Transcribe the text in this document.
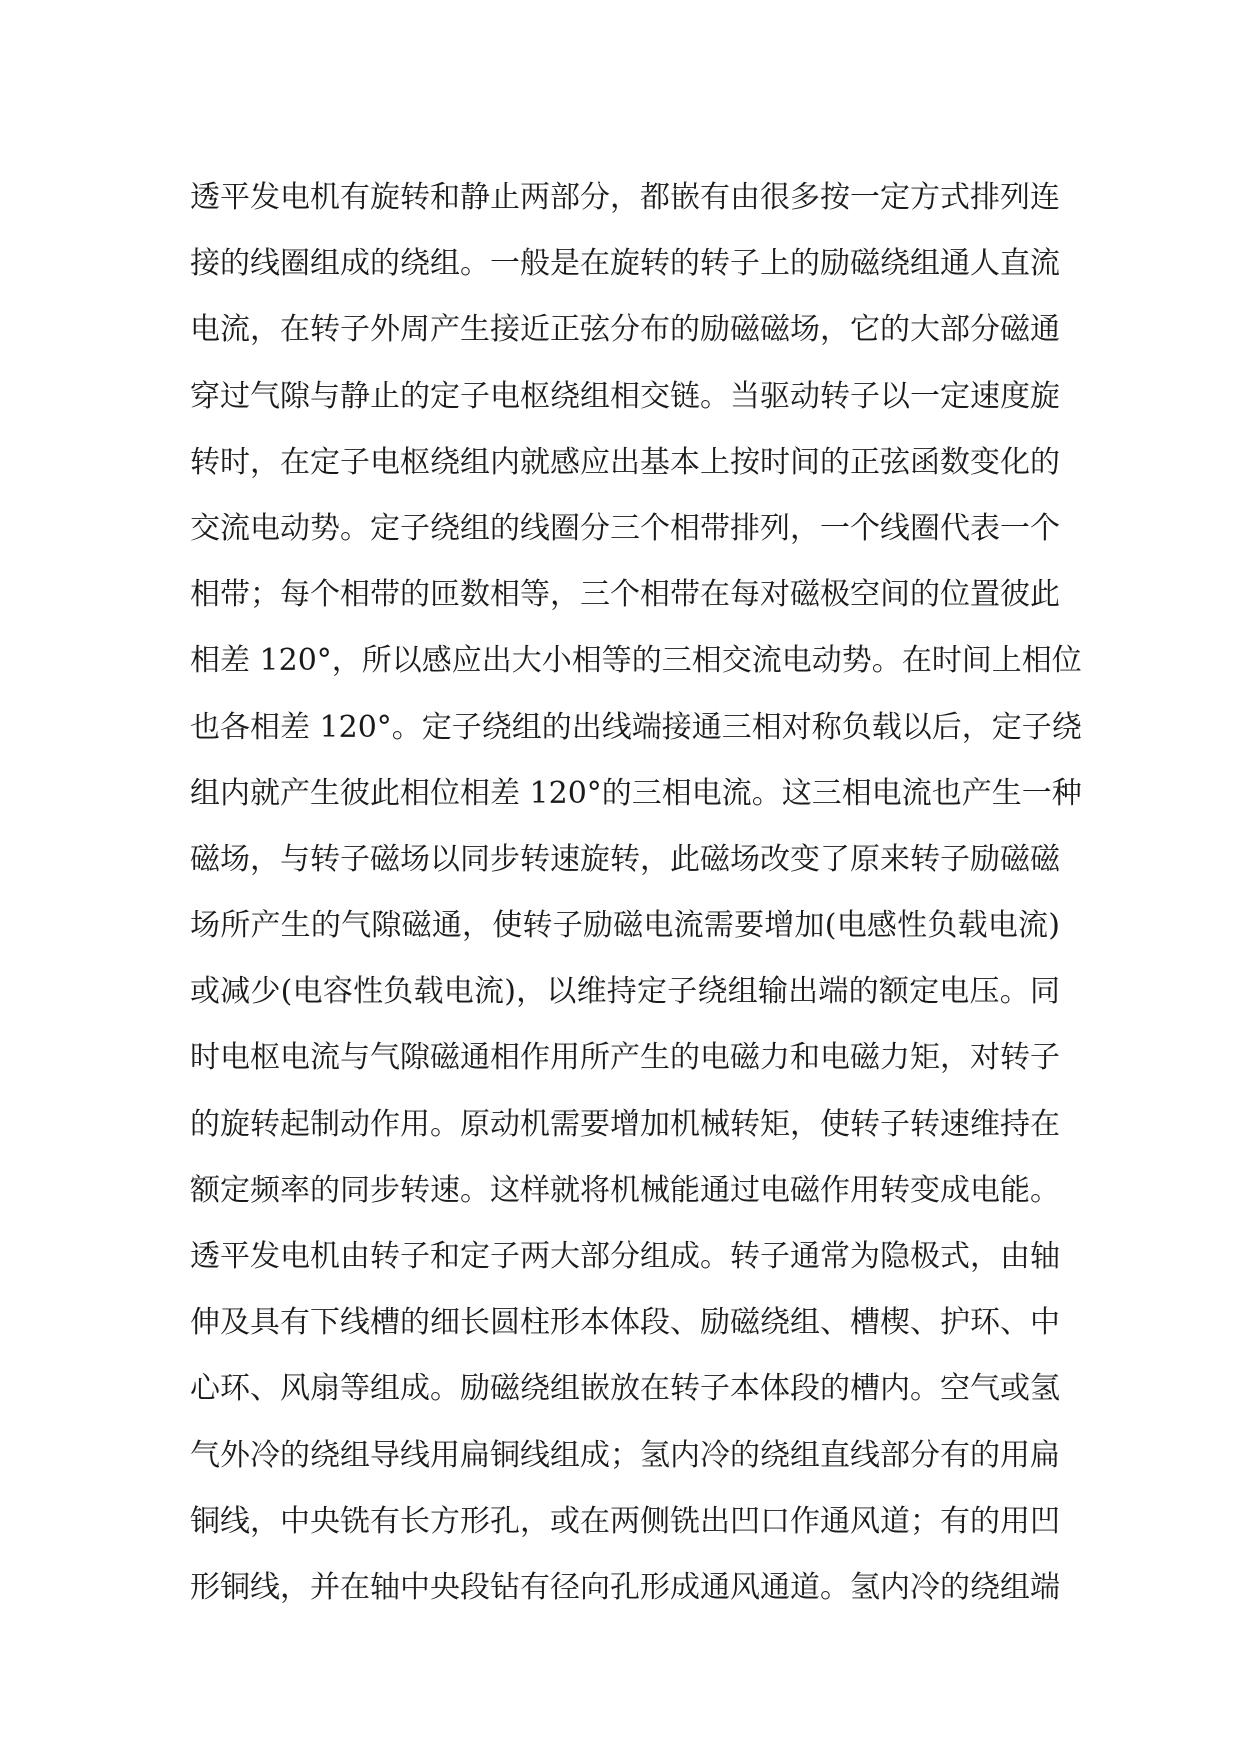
透平发电机有旋转和静止两部分，都嵌有由很多按一定方式排列连
接的线圈组成的绕组。一般是在旋转的转子上的励磁绕组通人直流
电流，在转子外周产生接近正弦分布的励磁磁场，它的大部分磁通
穿过气隙与静止的定子电枢绕组相交链。当驱动转子以一定速度旋
转时，在定子电枢绕组内就感应出基本上按时间的正弦函数变化的
交流电动势。定子绕组的线圈分三个相带排列，一个线圈代表一个
相带；每个相带的匝数相等，三个相带在每对磁极空间的位置彼此
相差 120°，所以感应出大小相等的三相交流电动势。在时间上相位
也各相差 120°。定子绕组的出线端接通三相对称负载以后，定子绕
组内就产生彼此相位相差 120°的三相电流。这三相电流也产生一种
磁场，与转子磁场以同步转速旋转，此磁场改变了原来转子励磁磁
场所产生的气隙磁通，使转子励磁电流需要增加(电感性负载电流)
或减少(电容性负载电流)，以维持定子绕组输出端的额定电压。同
时电枢电流与气隙磁通相作用所产生的电磁力和电磁力矩，对转子
的旋转起制动作用。原动机需要增加机械转矩，使转子转速维持在
额定频率的同步转速。这样就将机械能通过电磁作用转变成电能。
透平发电机由转子和定子两大部分组成。转子通常为隐极式，由轴
伸及具有下线槽的细长圆柱形本体段、励磁绕组、槽楔、护环、中
心环、风扇等组成。励磁绕组嵌放在转子本体段的槽内。空气或氢
气外冷的绕组导线用扁铜线组成；氢内冷的绕组直线部分有的用扁
铜线，中央铣有长方形孔，或在两侧铣出凹口作通风道；有的用凹
形铜线，并在轴中央段钻有径向孔形成通风通道。氢内冷的绕组端
